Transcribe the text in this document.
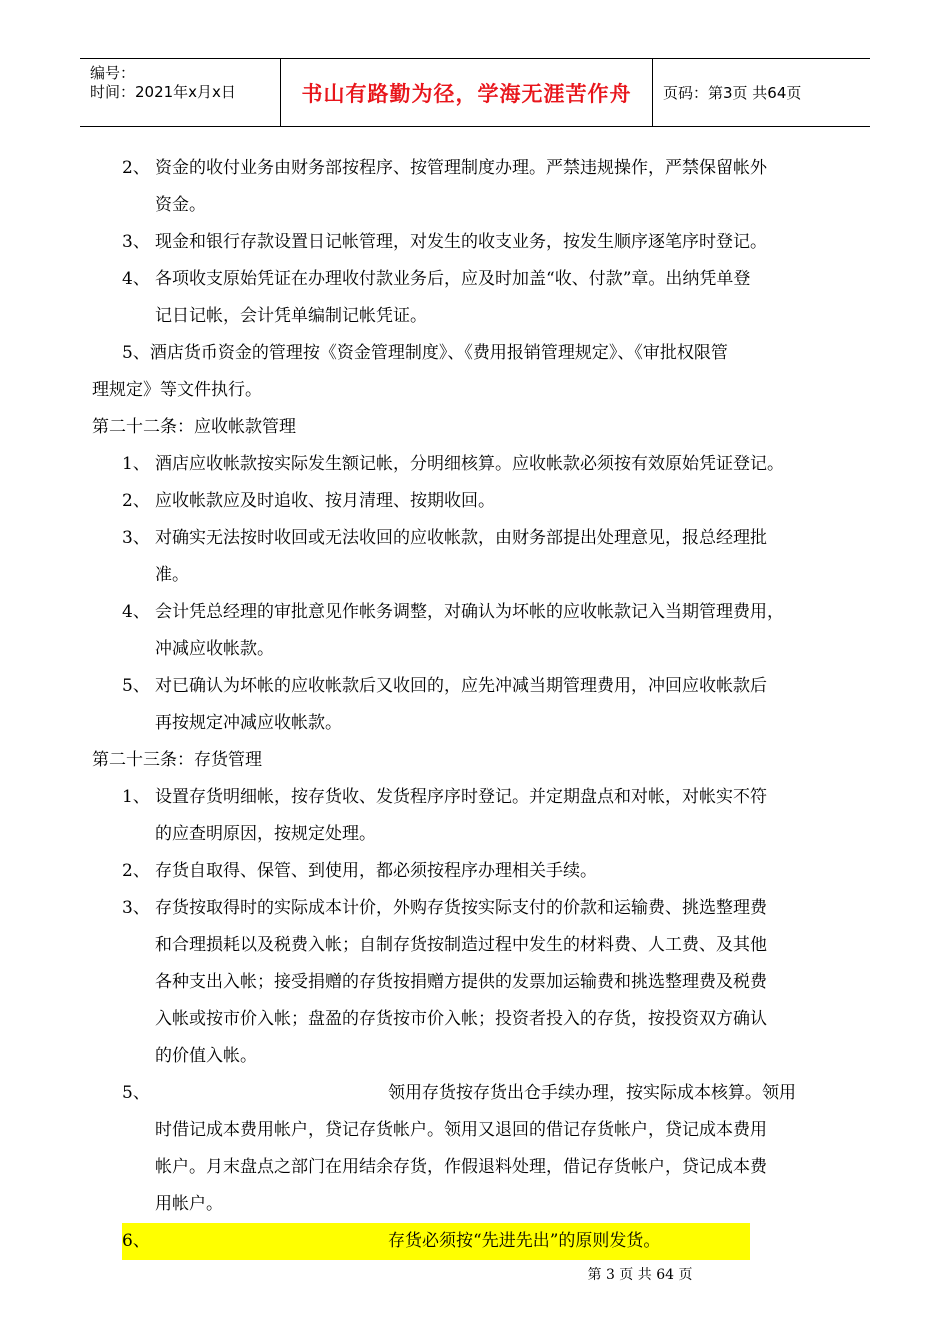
编号：
时间：2021年x月x日	书山有路勤为径，学海无涯苦作舟	页码：第3页 共64页
2、 资金的收付业务由财务部按程序、按管理制度办理。严禁违规操作，严禁保留帐外
资金。
3、 现金和银行存款设置日记帐管理，对发生的收支业务，按发生顺序逐笔序时登记。
4、 各项收支原始凭证在办理收付款业务后，应及时加盖“收、付款”章。出纳凭单登
记日记帐，会计凭单编制记帐凭证。
5、酒店货币资金的管理按《资金管理制度》、《费用报销管理规定》、《审批权限管
理规定》等文件执行。
第二十二条：应收帐款管理
1、 酒店应收帐款按实际发生额记帐，分明细核算。应收帐款必须按有效原始凭证登记。
2、 应收帐款应及时追收、按月清理、按期收回。
3、 对确实无法按时收回或无法收回的应收帐款，由财务部提出处理意见，报总经理批
准。
4、 会计凭总经理的审批意见作帐务调整，对确认为坏帐的应收帐款记入当期管理费用，
冲减应收帐款。
5、 对已确认为坏帐的应收帐款后又收回的，应先冲减当期管理费用，冲回应收帐款后
再按规定冲减应收帐款。
第二十三条：存货管理
1、 设置存货明细帐，按存货收、发货程序序时登记。并定期盘点和对帐，对帐实不符
的应查明原因，按规定处理。
2、 存货自取得、保管、到使用，都必须按程序办理相关手续。
3、 存货按取得时的实际成本计价，外购存货按实际支付的价款和运输费、挑选整理费
和合理损耗以及税费入帐；自制存货按制造过程中发生的材料费、人工费、及其他
各种支出入帐；接受捐赠的存货按捐赠方提供的发票加运输费和挑选整理费及税费
入帐或按市价入帐；盘盈的存货按市价入帐；投资者投入的存货，按投资双方确认
的价值入帐。
5、	领用存货按存货出仓手续办理，按实际成本核算。领用
时借记成本费用帐户，贷记存货帐户。领用又退回的借记存货帐户，贷记成本费用
帐户。月末盘点之部门在用结余存货，作假退料处理，借记存货帐户，贷记成本费
用帐户。
6、	存货必须按“先进先出”的原则发货。
第 3 页 共 64 页
